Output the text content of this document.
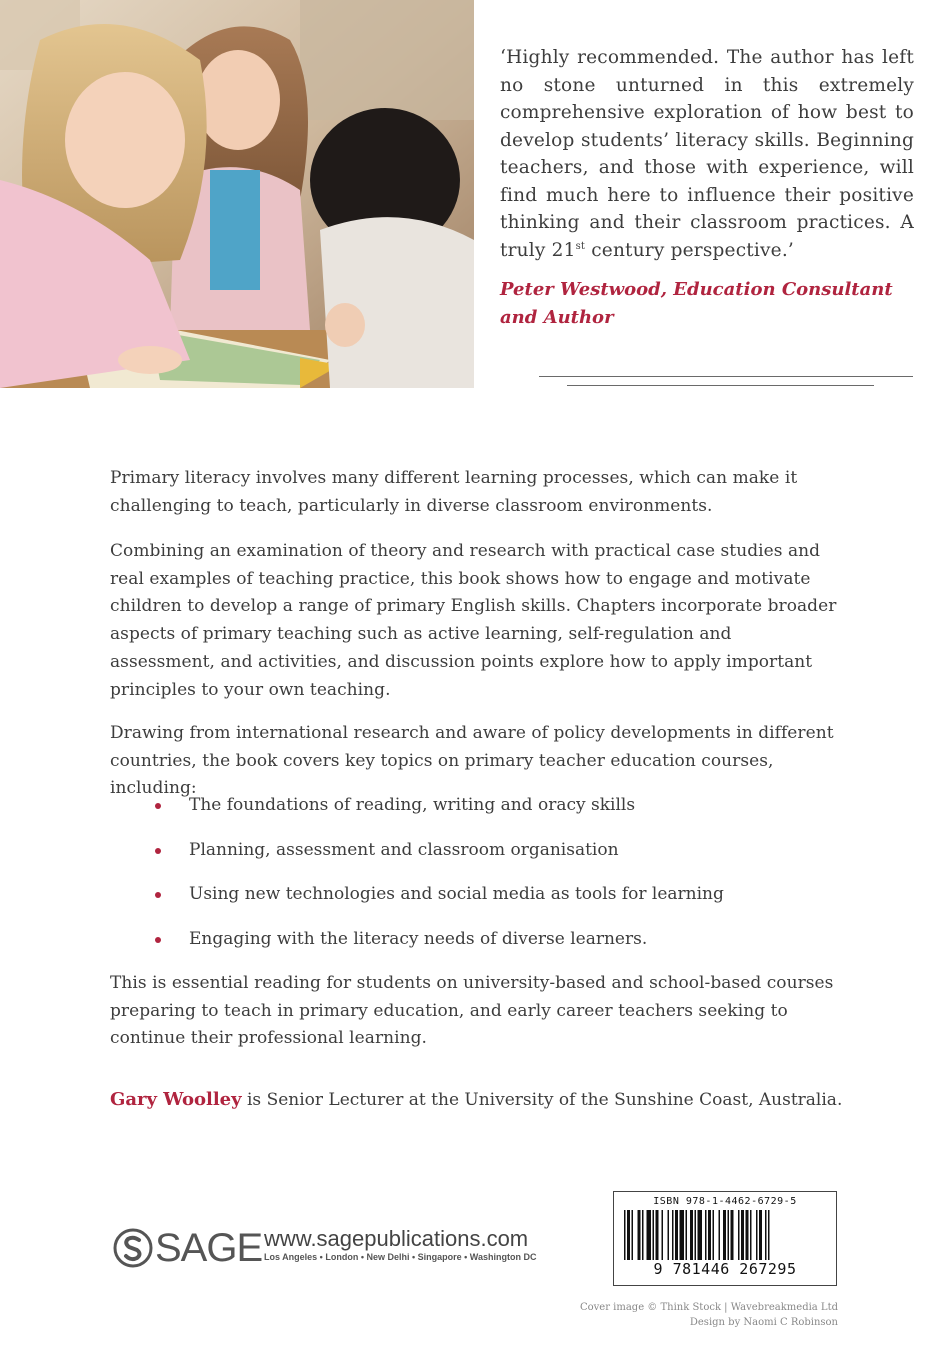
‘Highly recommended. The author has left no stone unturned in this extremely comprehensive exploration of how best to develop students’ literacy skills. Beginning teachers, and those with experience, will find much here to influence their positive thinking and their classroom practices. A truly 21st century perspective.’
Peter Westwood, Education Consultant and Author
Primary literacy involves many different learning processes, which can make it challenging to teach, particularly in diverse classroom environments.
Combining an examination of theory and research with practical case studies and real examples of teaching practice, this book shows how to engage and motivate children to develop a range of primary English skills. Chapters incorporate broader aspects of primary teaching such as active learning, self-regulation and assessment, and activities, and discussion points explore how to apply important principles to your own teaching.
Drawing from international research and aware of policy developments in different countries, the book covers key topics on primary teacher education courses, including:
The foundations of reading, writing and oracy skills
Planning, assessment and classroom organisation
Using new technologies and social media as tools for learning
Engaging with the literacy needs of diverse learners.
This is essential reading for students on university-based and school-based courses preparing to teach in primary education, and early career teachers seeking to continue their professional learning.
Gary Woolley is Senior Lecturer at the University of the Sunshine Coast, Australia.
SAGE www.sagepublications.com
Los Angeles • London • New Delhi • Singapore • Washington DC
ISBN 978-1-4462-6729-5
9 781446 267295
Cover image © Think Stock | Wavebreakmedia Ltd
Design by Naomi C Robinson
